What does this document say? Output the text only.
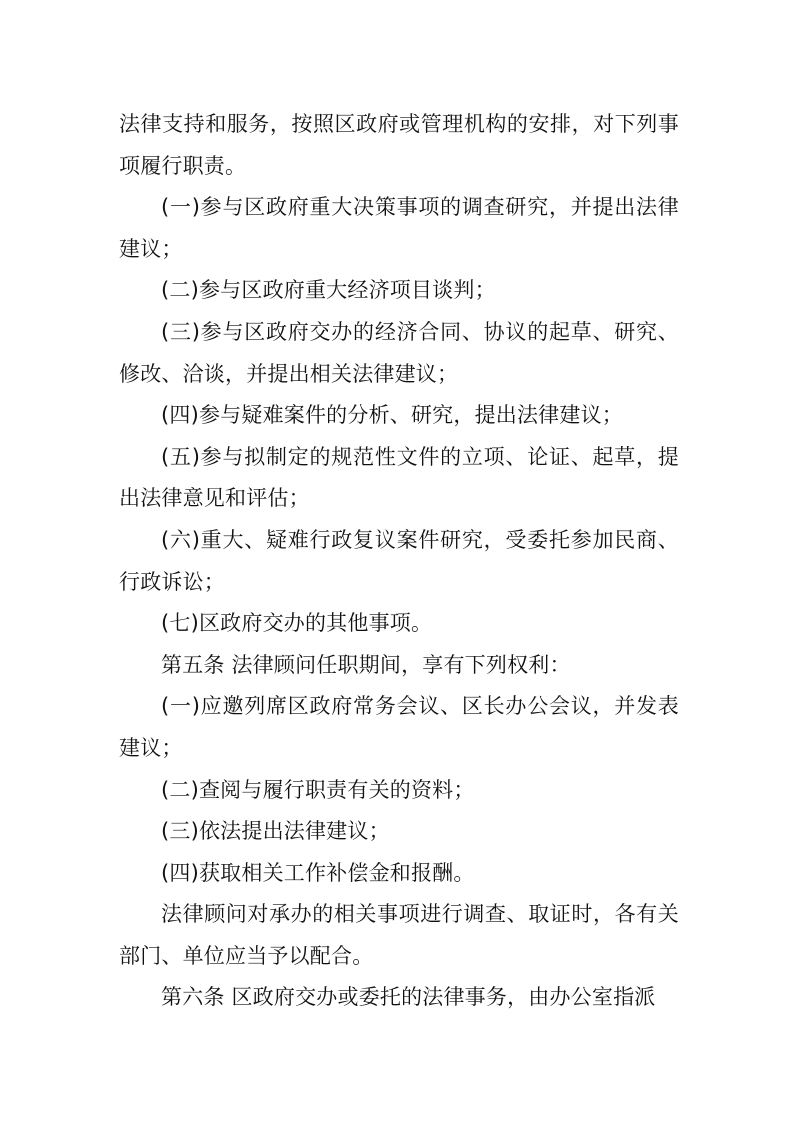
法律支持和服务，按照区政府或管理机构的安排，对下列事项履行职责。

(一)参与区政府重大决策事项的调查研究，并提出法律建议；

(二)参与区政府重大经济项目谈判；

(三)参与区政府交办的经济合同、协议的起草、研究、修改、洽谈，并提出相关法律建议；

(四)参与疑难案件的分析、研究，提出法律建议；

(五)参与拟制定的规范性文件的立项、论证、起草，提出法律意见和评估；

(六)重大、疑难行政复议案件研究，受委托参加民商、行政诉讼；

(七)区政府交办的其他事项。

第五条 法律顾问任职期间，享有下列权利：

(一)应邀列席区政府常务会议、区长办公会议，并发表建议；

(二)查阅与履行职责有关的资料；

(三)依法提出法律建议；

(四)获取相关工作补偿金和报酬。

法律顾问对承办的相关事项进行调查、取证时，各有关部门、单位应当予以配合。

第六条 区政府交办或委托的法律事务，由办公室指派
